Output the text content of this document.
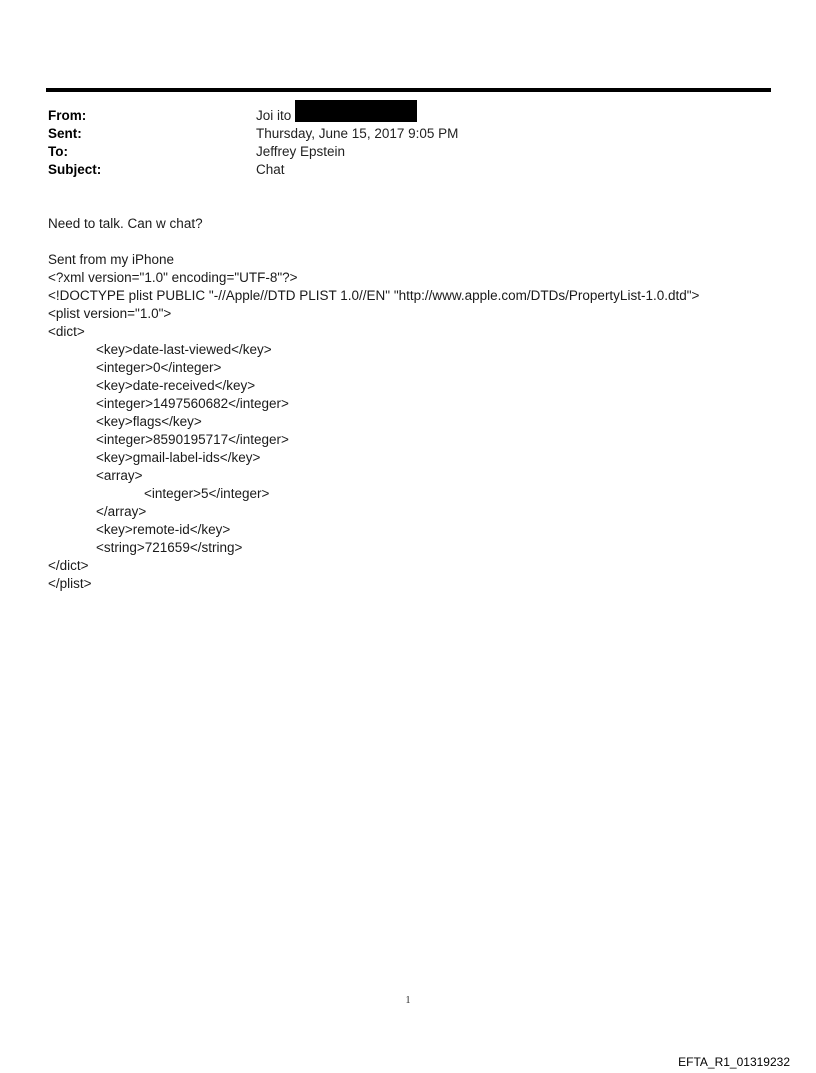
From:	Joi ito
Sent:	Thursday, June 15, 2017 9:05 PM
To:	Jeffrey Epstein
Subject:	Chat
Need to talk. Can w chat?
Sent from my iPhone
<?xml version="1.0" encoding="UTF-8"?>
<!DOCTYPE plist PUBLIC "-//Apple//DTD PLIST 1.0//EN" "http://www.apple.com/DTDs/PropertyList-1.0.dtd">
<plist version="1.0">
<dict>
<key>date-last-viewed</key>
<integer>0</integer>
<key>date-received</key>
<integer>1497560682</integer>
<key>flags</key>
<integer>8590195717</integer>
<key>gmail-label-ids</key>
<array>
<integer>5</integer>
</array>
<key>remote-id</key>
<string>721659</string>
</dict>
</plist>
1
EFTA_R1_01319232
